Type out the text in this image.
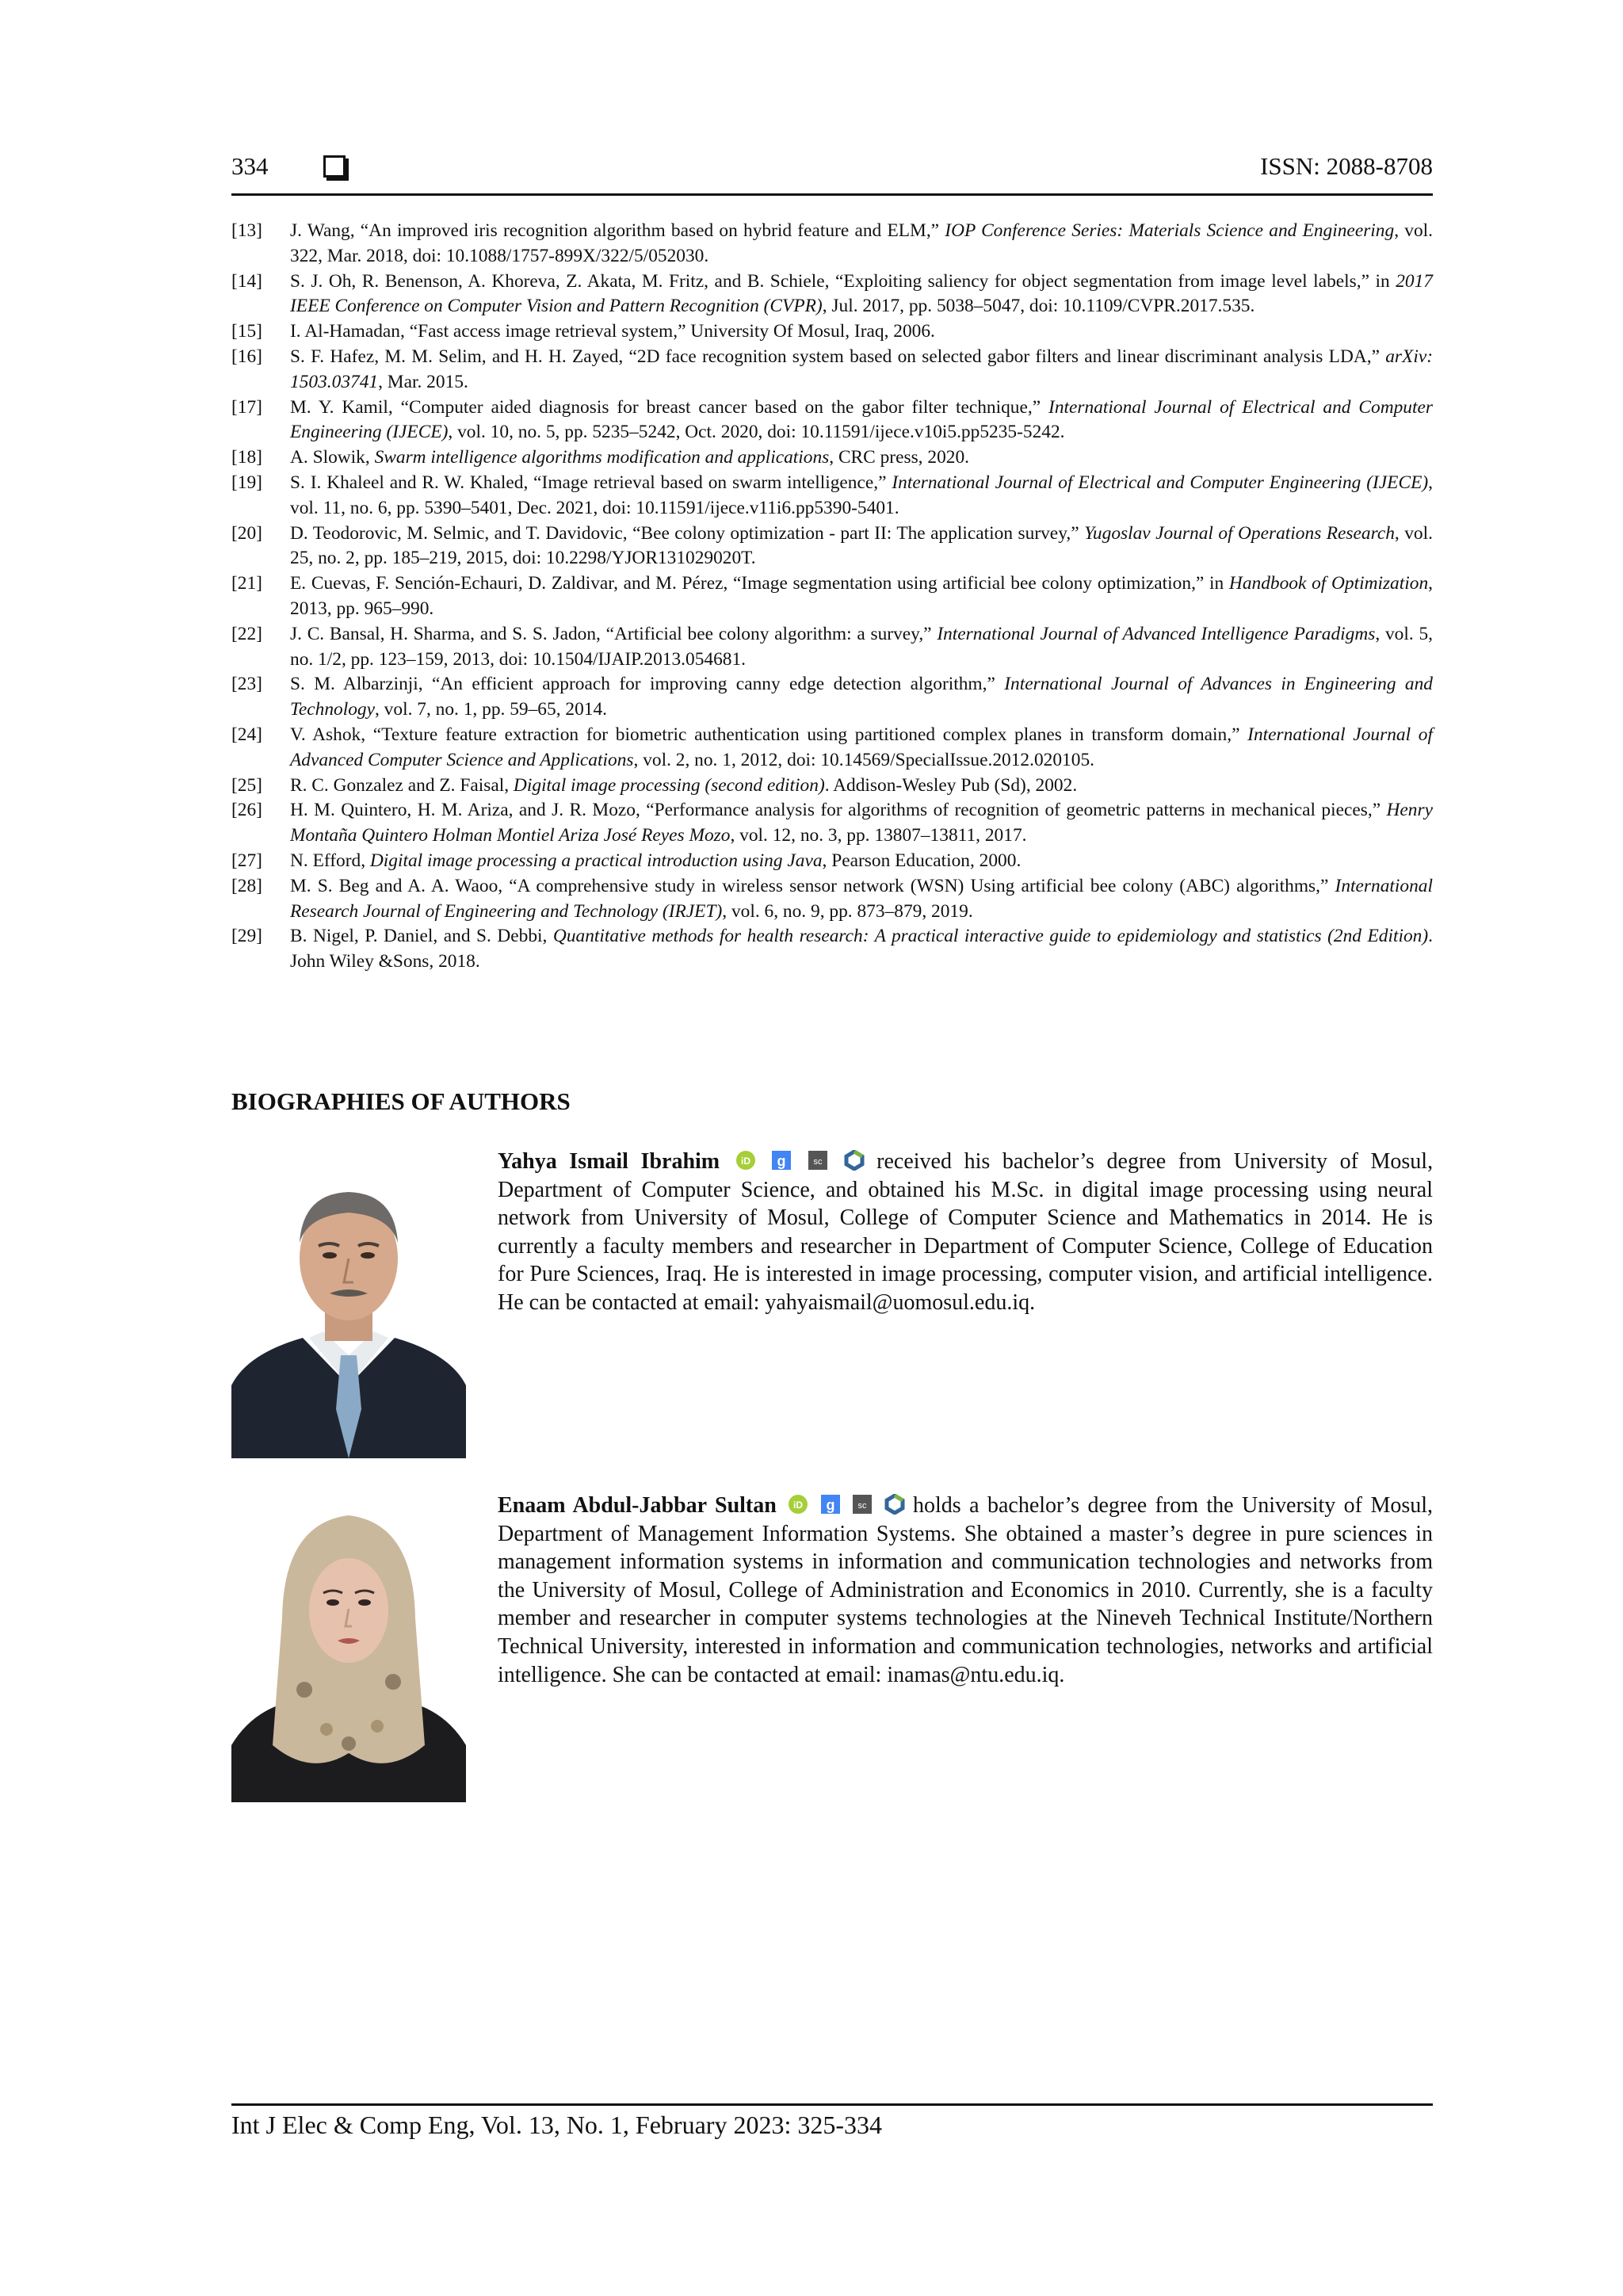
334	ISSN: 2088-8708
[13]	J. Wang, “An improved iris recognition algorithm based on hybrid feature and ELM,” IOP Conference Series: Materials Science and Engineering, vol. 322, Mar. 2018, doi: 10.1088/1757-899X/322/5/052030.
[14]	S. J. Oh, R. Benenson, A. Khoreva, Z. Akata, M. Fritz, and B. Schiele, “Exploiting saliency for object segmentation from image level labels,” in 2017 IEEE Conference on Computer Vision and Pattern Recognition (CVPR), Jul. 2017, pp. 5038–5047, doi: 10.1109/CVPR.2017.535.
[15]	I. Al-Hamadan, “Fast access image retrieval system,” University Of Mosul, Iraq, 2006.
[16]	S. F. Hafez, M. M. Selim, and H. H. Zayed, “2D face recognition system based on selected gabor filters and linear discriminant analysis LDA,” arXiv: 1503.03741, Mar. 2015.
[17]	M. Y. Kamil, “Computer aided diagnosis for breast cancer based on the gabor filter technique,” International Journal of Electrical and Computer Engineering (IJECE), vol. 10, no. 5, pp. 5235–5242, Oct. 2020, doi: 10.11591/ijece.v10i5.pp5235-5242.
[18]	A. Slowik, Swarm intelligence algorithms modification and applications, CRC press, 2020.
[19]	S. I. Khaleel and R. W. Khaled, “Image retrieval based on swarm intelligence,” International Journal of Electrical and Computer Engineering (IJECE), vol. 11, no. 6, pp. 5390–5401, Dec. 2021, doi: 10.11591/ijece.v11i6.pp5390-5401.
[20]	D. Teodorovic, M. Selmic, and T. Davidovic, “Bee colony optimization - part II: The application survey,” Yugoslav Journal of Operations Research, vol. 25, no. 2, pp. 185–219, 2015, doi: 10.2298/YJOR131029020T.
[21]	E. Cuevas, F. Sención-Echauri, D. Zaldivar, and M. Pérez, “Image segmentation using artificial bee colony optimization,” in Handbook of Optimization, 2013, pp. 965–990.
[22]	J. C. Bansal, H. Sharma, and S. S. Jadon, “Artificial bee colony algorithm: a survey,” International Journal of Advanced Intelligence Paradigms, vol. 5, no. 1/2, pp. 123–159, 2013, doi: 10.1504/IJAIP.2013.054681.
[23]	S. M. Albarzinji, “An efficient approach for improving canny edge detection algorithm,” International Journal of Advances in Engineering and Technology, vol. 7, no. 1, pp. 59–65, 2014.
[24]	V. Ashok, “Texture feature extraction for biometric authentication using partitioned complex planes in transform domain,” International Journal of Advanced Computer Science and Applications, vol. 2, no. 1, 2012, doi: 10.14569/SpecialIssue.2012.020105.
[25]	R. C. Gonzalez and Z. Faisal, Digital image processing (second edition). Addison-Wesley Pub (Sd), 2002.
[26]	H. M. Quintero, H. M. Ariza, and J. R. Mozo, “Performance analysis for algorithms of recognition of geometric patterns in mechanical pieces,” Henry Montaña Quintero Holman Montiel Ariza José Reyes Mozo, vol. 12, no. 3, pp. 13807–13811, 2017.
[27]	N. Efford, Digital image processing a practical introduction using Java, Pearson Education, 2000.
[28]	M. S. Beg and A. A. Waoo, “A comprehensive study in wireless sensor network (WSN) Using artificial bee colony (ABC) algorithms,” International Research Journal of Engineering and Technology (IRJET), vol. 6, no. 9, pp. 873–879, 2019.
[29]	B. Nigel, P. Daniel, and S. Debbi, Quantitative methods for health research: A practical interactive guide to epidemiology and statistics (2nd Edition). John Wiley &Sons, 2018.
BIOGRAPHIES OF AUTHORS
Yahya Ismail Ibrahim iD
g
	sc received his bachelor’s degree from University of Mosul, Department of Computer Science, and obtained his M.Sc. in digital image processing using neural network from University of Mosul, College of Computer Science and Mathematics in 2014. He is currently a faculty members and researcher in Department of Computer Science, College of Education for Pure Sciences, Iraq. He is interested in image processing, computer vision, and artificial intelligence. He can be contacted at email: yahyaismail@uomosul.edu.iq.
Enaam Abdul-Jabbar Sultan iD
g
	sc holds a bachelor’s degree from the University of Mosul, Department of Management Information Systems. She obtained a master’s degree in pure sciences in management information systems in information and communication technologies and networks from the University of Mosul, College of Administration and Economics in 2010. Currently, she is a faculty member and researcher in computer systems technologies at the Nineveh Technical Institute/Northern Technical University, interested in information and communication technologies, networks and artificial intelligence. She can be contacted at email: inamas@ntu.edu.iq.
Int J Elec & Comp Eng, Vol. 13, No. 1, February 2023: 325-334
